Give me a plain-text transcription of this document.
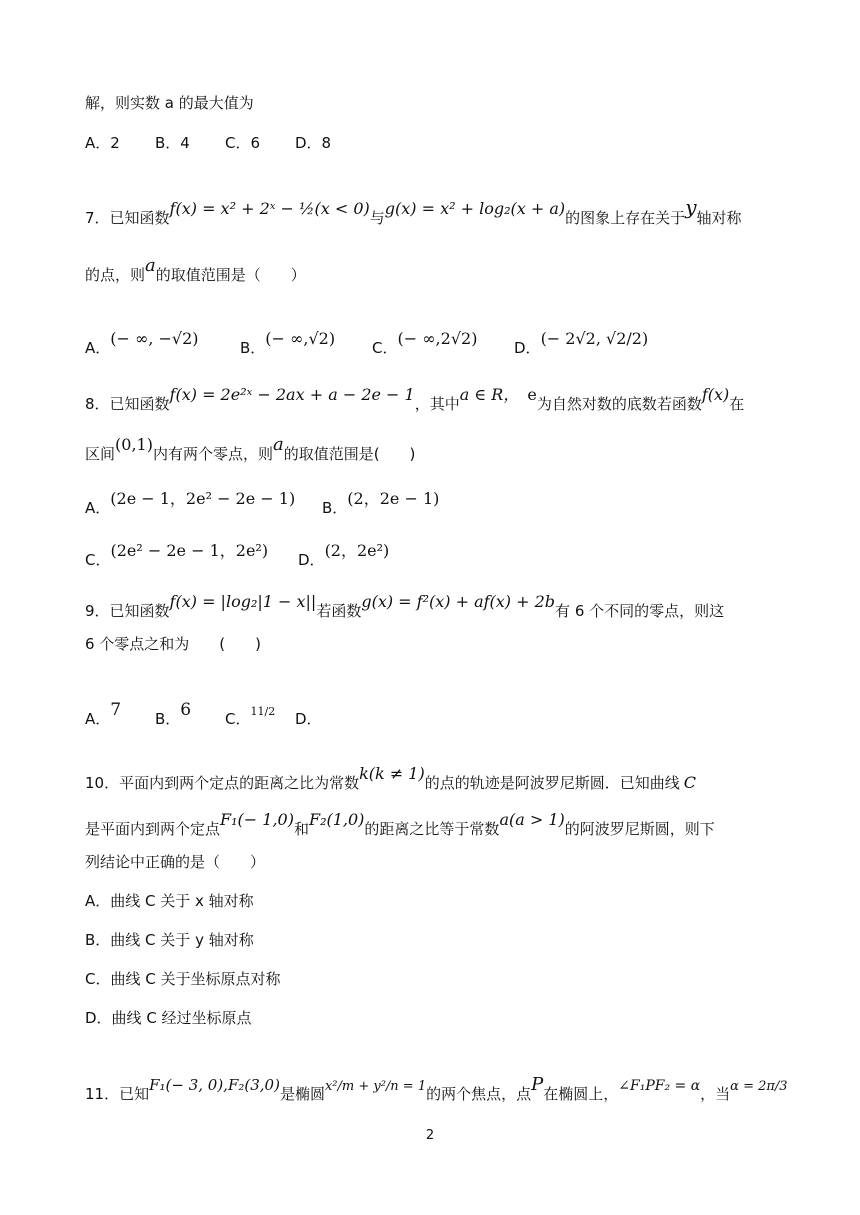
解，则实数 a 的最大值为
A．2 B．4 C．6 D．8
7．已知函数f(x) = x² + 2ˣ − ½(x < 0)与g(x) = x² + log₂(x + a)的图象上存在关于y轴对称
的点，则a的取值范围是（　　）
A．(− ∞, −√2)	B．(− ∞,√2) C．(− ∞,2√2) D．(− 2√2, √2/2)
8．已知函数f(x) = 2e²ˣ − 2ax + a − 2e − 1，其中a ∈ R， e为自然对数的底数若函数f(x)在
区间(0,1)内有两个零点，则a的取值范围是(　　)
A．(2e − 1，2e² − 2e − 1) B．(2，2e − 1)
C．(2e² − 2e − 1，2e²) D．(2，2e²)
9．已知函数f(x) = |log₂|1 − x||若函数g(x) = f²(x) + af(x) + 2b有 6 个不同的零点，则这
6 个零点之和为　　(　　)
A．7 B．6 C．$^{11/2}$ D．
10．平面内到两个定点的距离之比为常数k(k ≠ 1)的点的轨迹是阿波罗尼斯圆．已知曲线 C
是平面内到两个定点F₁(− 1,0)和F₂(1,0)的距离之比等于常数a(a > 1)的阿波罗尼斯圆，则下
列结论中正确的是（　　）
A．曲线 C 关于 x 轴对称
B．曲线 C 关于 y 轴对称
C．曲线 C 关于坐标原点对称
D．曲线 C 经过坐标原点
11．已知F₁(− 3, 0),F₂(3,0)是椭圆x²/m + y²/n = 1的两个焦点，点P在椭圆上，∠F₁PF₂ = α，当α = 2π/3
2
